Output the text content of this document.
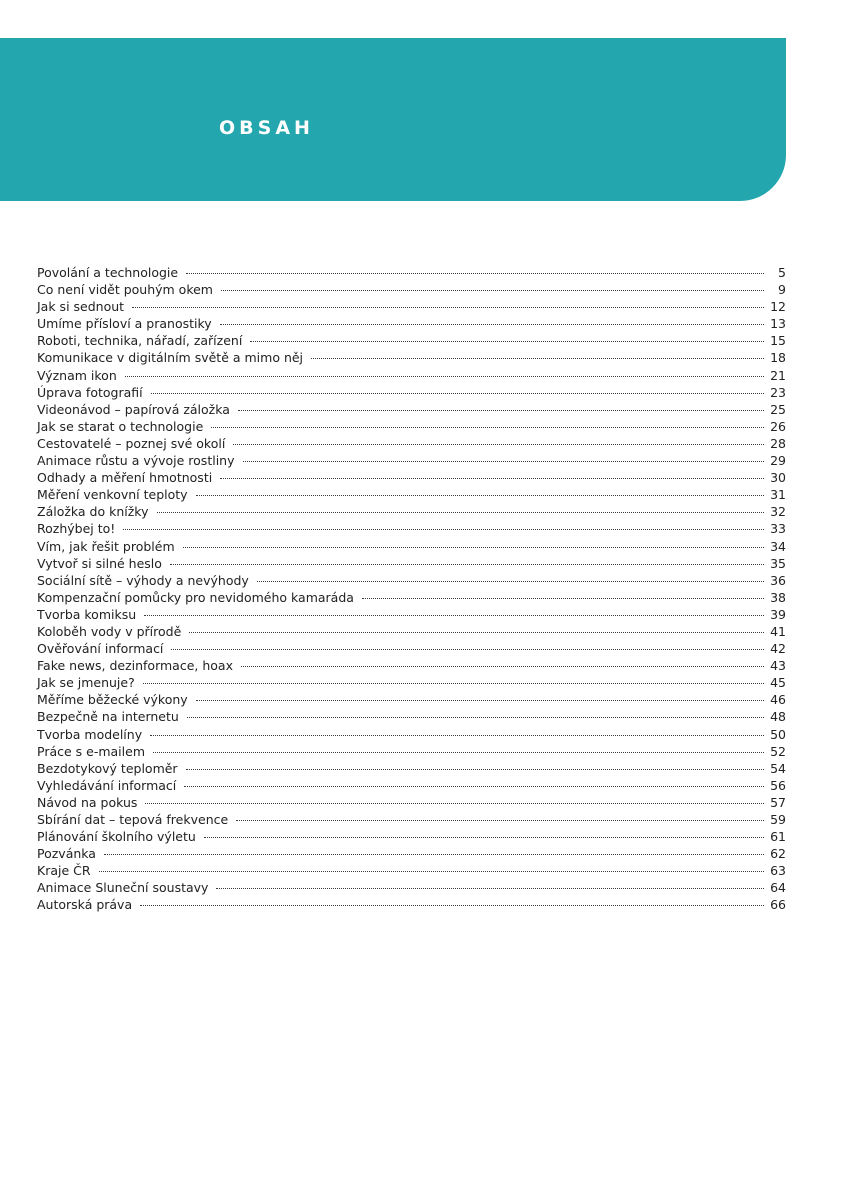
OBSAH
Povolání a technologie	5
Co není vidět pouhým okem	9
Jak si sednout	12
Umíme přísloví a pranostiky	13
Roboti, technika, nářadí, zařízení	15
Komunikace v digitálním světě a mimo něj	18
Význam ikon	21
Úprava fotografií	23
Videonávod – papírová záložka	25
Jak se starat o technologie	26
Cestovatelé – poznej své okolí	28
Animace růstu a vývoje rostliny	29
Odhady a měření hmotnosti	30
Měření venkovní teploty	31
Záložka do knížky	32
Rozhýbej to!	33
Vím, jak řešit problém	34
Vytvoř si silné heslo	35
Sociální sítě – výhody a nevýhody	36
Kompenzační pomůcky pro nevidomého kamaráda	38
Tvorba komiksu	39
Koloběh vody v přírodě	41
Ověřování informací	42
Fake news, dezinformace, hoax	43
Jak se jmenuje?	45
Měříme běžecké výkony	46
Bezpečně na internetu	48
Tvorba modelíny	50
Práce s e-mailem	52
Bezdotykový teploměr	54
Vyhledávání informací	56
Návod na pokus	57
Sbírání dat – tepová frekvence	59
Plánování školního výletu	61
Pozvánka	62
Kraje ČR	63
Animace Sluneční soustavy	64
Autorská práva	66
